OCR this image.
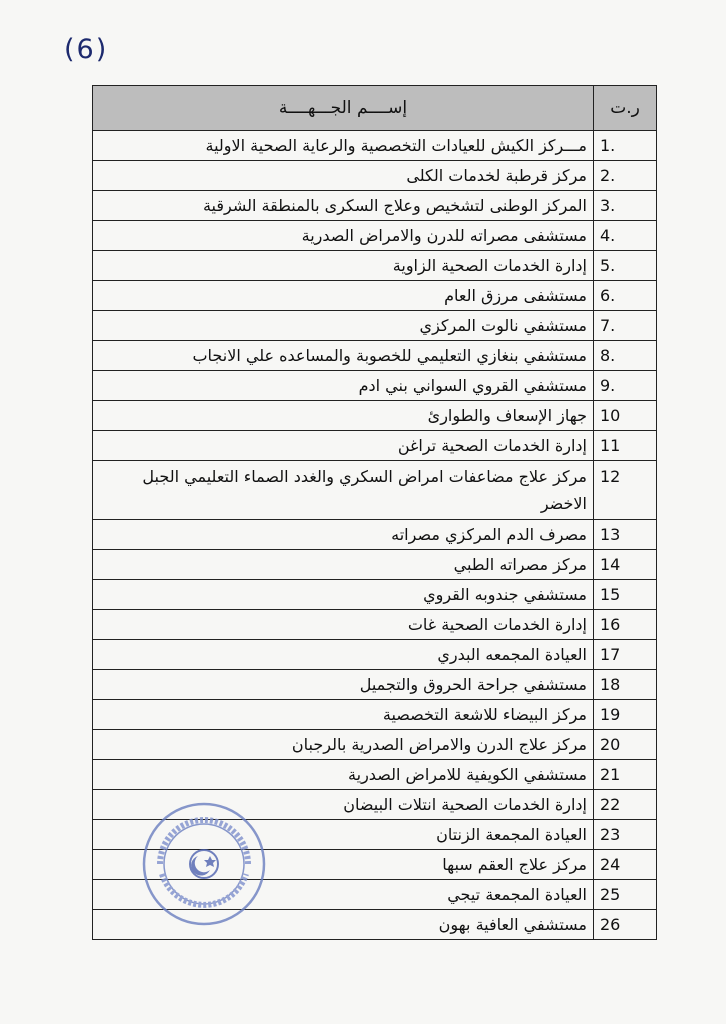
(6)
ر.ت	إســــم الجـــهــــة
1.	مـــركز الكيش للعيادات التخصصية والرعاية الصحية الاولية
2.	مركز قرطبة لخدمات الكلى
3.	المركز الوطنى لتشخيص وعلاج السكرى بالمنطقة الشرقية
4.	مستشفى مصراته للدرن والامراض الصدرية
5.	إدارة الخدمات الصحية الزاوية
6.	مستشفى مرزق العام
7.	مستشفي نالوت المركزي
8.	مستشفي بنغازي التعليمي للخصوبة والمساعده علي الانجاب
9.	مستشفي القروي السواني بني ادم
10	جهاز الإسعاف والطوارئ
11	إدارة الخدمات الصحية تراغن
12	مركز علاج مضاعفات امراض السكري والغدد الصماء التعليمي الجبل الاخضر
13	مصرف الدم المركزي مصراته
14	مركز مصراته الطبي
15	مستشفي جندوبه القروي
16	إدارة الخدمات الصحية غات
17	العيادة المجمعه البدري
18	مستشفي جراحة الحروق والتجميل
19	مركز البيضاء للاشعة التخصصية
20	مركز علاج الدرن والامراض الصدرية بالرجبان
21	مستشفي الكويفية للامراض الصدرية
22	إدارة الخدمات الصحية انتلات البيضان
23	العيادة المجمعة الزنتان
24	مركز علاج العقم سبها
25	العيادة المجمعة تيجي
26	مستشفي العافية بهون
